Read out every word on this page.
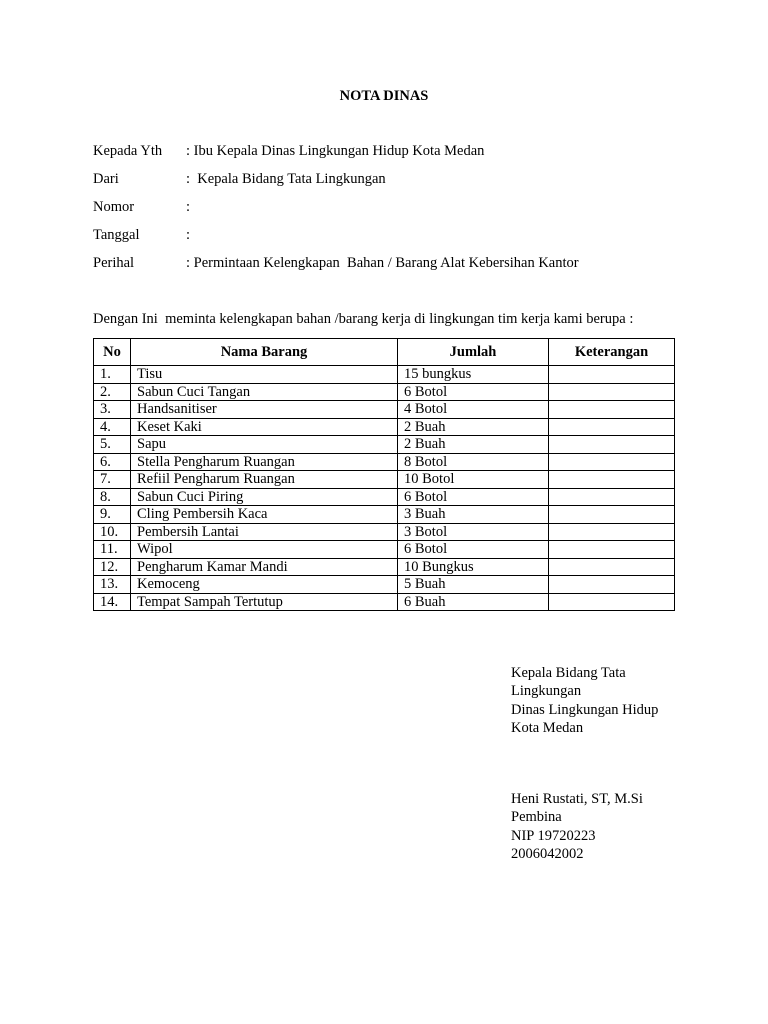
NOTA DINAS
Kepada Yth : Ibu Kepala Dinas Lingkungan Hidup Kota Medan
Dari	:  Kepala Bidang Tata Lingkungan
Nomor	:
Tanggal	:
Perihal	: Permintaan Kelengkapan  Bahan / Barang Alat Kebersihan Kantor
Dengan Ini  meminta kelengkapan bahan /barang kerja di lingkungan tim kerja kami berupa :
No	Nama Barang	Jumlah	Keterangan
1.	Tisu	15 bungkus	
2.	Sabun Cuci Tangan	6 Botol	
3.	Handsanitiser	4 Botol	
4.	Keset Kaki	2 Buah	
5.	Sapu	2 Buah	
6.	Stella Pengharum Ruangan	8 Botol	
7.	Refiil Pengharum Ruangan	10 Botol	
8.	Sabun Cuci Piring	6 Botol	
9.	Cling Pembersih Kaca	3 Buah	
10.	Pembersih Lantai	3 Botol	
11.	Wipol	6 Botol	
12.	Pengharum Kamar Mandi	10 Bungkus	
13.	Kemoceng	5 Buah	
14.	Tempat Sampah Tertutup	6 Buah	
Kepala Bidang Tata
Lingkungan
Dinas Lingkungan Hidup
Kota Medan
Heni Rustati, ST, M.Si
Pembina
NIP 19720223
2006042002
